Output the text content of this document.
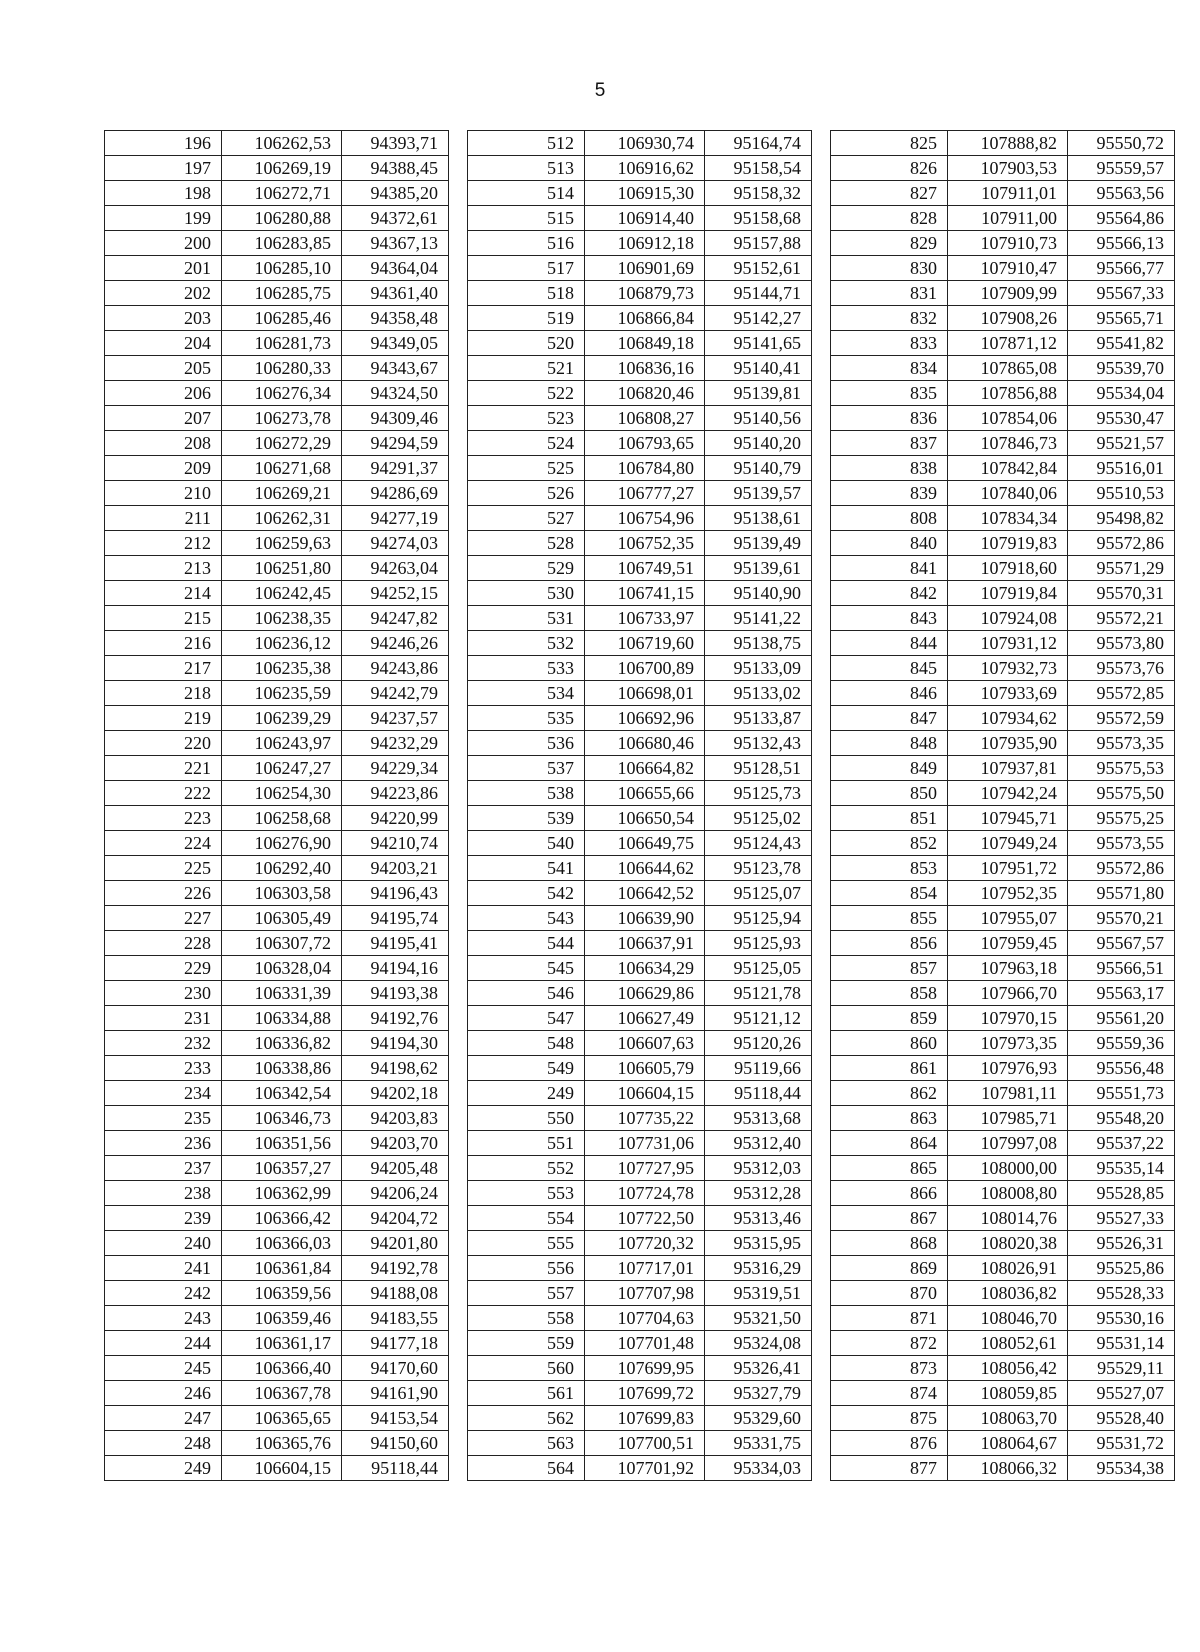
5
196	106262,53	94393,71
197	106269,19	94388,45
198	106272,71	94385,20
199	106280,88	94372,61
200	106283,85	94367,13
201	106285,10	94364,04
202	106285,75	94361,40
203	106285,46	94358,48
204	106281,73	94349,05
205	106280,33	94343,67
206	106276,34	94324,50
207	106273,78	94309,46
208	106272,29	94294,59
209	106271,68	94291,37
210	106269,21	94286,69
211	106262,31	94277,19
212	106259,63	94274,03
213	106251,80	94263,04
214	106242,45	94252,15
215	106238,35	94247,82
216	106236,12	94246,26
217	106235,38	94243,86
218	106235,59	94242,79
219	106239,29	94237,57
220	106243,97	94232,29
221	106247,27	94229,34
222	106254,30	94223,86
223	106258,68	94220,99
224	106276,90	94210,74
225	106292,40	94203,21
226	106303,58	94196,43
227	106305,49	94195,74
228	106307,72	94195,41
229	106328,04	94194,16
230	106331,39	94193,38
231	106334,88	94192,76
232	106336,82	94194,30
233	106338,86	94198,62
234	106342,54	94202,18
235	106346,73	94203,83
236	106351,56	94203,70
237	106357,27	94205,48
238	106362,99	94206,24
239	106366,42	94204,72
240	106366,03	94201,80
241	106361,84	94192,78
242	106359,56	94188,08
243	106359,46	94183,55
244	106361,17	94177,18
245	106366,40	94170,60
246	106367,78	94161,90
247	106365,65	94153,54
248	106365,76	94150,60
249	106604,15	95118,44
512	106930,74	95164,74
513	106916,62	95158,54
514	106915,30	95158,32
515	106914,40	95158,68
516	106912,18	95157,88
517	106901,69	95152,61
518	106879,73	95144,71
519	106866,84	95142,27
520	106849,18	95141,65
521	106836,16	95140,41
522	106820,46	95139,81
523	106808,27	95140,56
524	106793,65	95140,20
525	106784,80	95140,79
526	106777,27	95139,57
527	106754,96	95138,61
528	106752,35	95139,49
529	106749,51	95139,61
530	106741,15	95140,90
531	106733,97	95141,22
532	106719,60	95138,75
533	106700,89	95133,09
534	106698,01	95133,02
535	106692,96	95133,87
536	106680,46	95132,43
537	106664,82	95128,51
538	106655,66	95125,73
539	106650,54	95125,02
540	106649,75	95124,43
541	106644,62	95123,78
542	106642,52	95125,07
543	106639,90	95125,94
544	106637,91	95125,93
545	106634,29	95125,05
546	106629,86	95121,78
547	106627,49	95121,12
548	106607,63	95120,26
549	106605,79	95119,66
249	106604,15	95118,44
550	107735,22	95313,68
551	107731,06	95312,40
552	107727,95	95312,03
553	107724,78	95312,28
554	107722,50	95313,46
555	107720,32	95315,95
556	107717,01	95316,29
557	107707,98	95319,51
558	107704,63	95321,50
559	107701,48	95324,08
560	107699,95	95326,41
561	107699,72	95327,79
562	107699,83	95329,60
563	107700,51	95331,75
564	107701,92	95334,03
825	107888,82	95550,72
826	107903,53	95559,57
827	107911,01	95563,56
828	107911,00	95564,86
829	107910,73	95566,13
830	107910,47	95566,77
831	107909,99	95567,33
832	107908,26	95565,71
833	107871,12	95541,82
834	107865,08	95539,70
835	107856,88	95534,04
836	107854,06	95530,47
837	107846,73	95521,57
838	107842,84	95516,01
839	107840,06	95510,53
808	107834,34	95498,82
840	107919,83	95572,86
841	107918,60	95571,29
842	107919,84	95570,31
843	107924,08	95572,21
844	107931,12	95573,80
845	107932,73	95573,76
846	107933,69	95572,85
847	107934,62	95572,59
848	107935,90	95573,35
849	107937,81	95575,53
850	107942,24	95575,50
851	107945,71	95575,25
852	107949,24	95573,55
853	107951,72	95572,86
854	107952,35	95571,80
855	107955,07	95570,21
856	107959,45	95567,57
857	107963,18	95566,51
858	107966,70	95563,17
859	107970,15	95561,20
860	107973,35	95559,36
861	107976,93	95556,48
862	107981,11	95551,73
863	107985,71	95548,20
864	107997,08	95537,22
865	108000,00	95535,14
866	108008,80	95528,85
867	108014,76	95527,33
868	108020,38	95526,31
869	108026,91	95525,86
870	108036,82	95528,33
871	108046,70	95530,16
872	108052,61	95531,14
873	108056,42	95529,11
874	108059,85	95527,07
875	108063,70	95528,40
876	108064,67	95531,72
877	108066,32	95534,38
